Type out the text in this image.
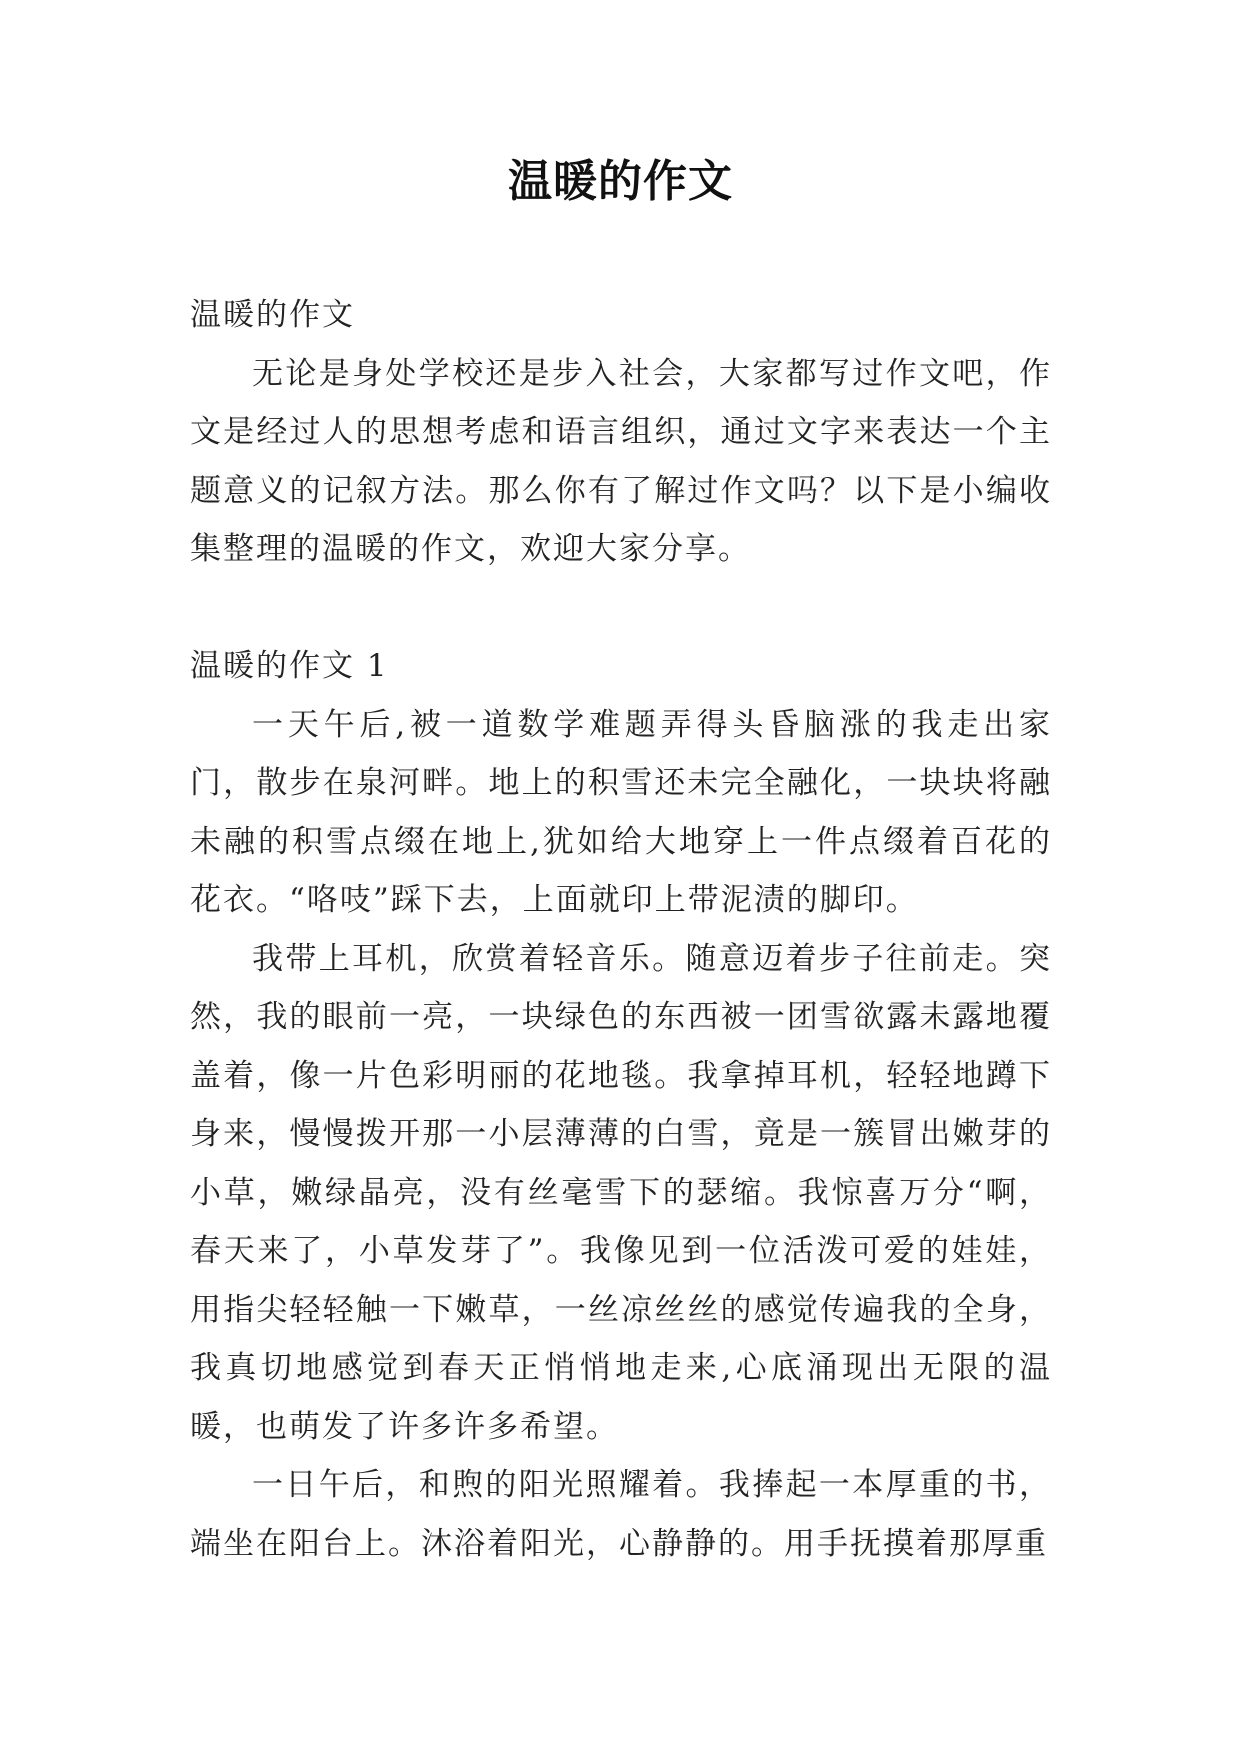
温暖的作文

温暖的作文

无论是身处学校还是步入社会，大家都写过作文吧，作文是经过人的思想考虑和语言组织，通过文字来表达一个主题意义的记叙方法。那么你有了解过作文吗？以下是小编收集整理的温暖的作文，欢迎大家分享。

温暖的作文 1

一天午后,被一道数学难题弄得头昏脑涨的我走出家门，散步在泉河畔。地上的积雪还未完全融化，一块块将融未融的积雪点缀在地上,犹如给大地穿上一件点缀着百花的花衣。“咯吱”踩下去，上面就印上带泥渍的脚印。

我带上耳机，欣赏着轻音乐。随意迈着步子往前走。突然，我的眼前一亮，一块绿色的东西被一团雪欲露未露地覆盖着，像一片色彩明丽的花地毯。我拿掉耳机，轻轻地蹲下身来，慢慢拨开那一小层薄薄的白雪，竟是一簇冒出嫩芽的小草，嫩绿晶亮，没有丝毫雪下的瑟缩。我惊喜万分“啊，春天来了，小草发芽了”。我像见到一位活泼可爱的娃娃，用指尖轻轻触一下嫩草，一丝凉丝丝的感觉传遍我的全身，我真切地感觉到春天正悄悄地走来,心底涌现出无限的温暖，也萌发了许多许多希望。

一日午后，和煦的阳光照耀着。我捧起一本厚重的书，端坐在阳台上。沐浴着阳光，心静静的。用手抚摸着那厚重
